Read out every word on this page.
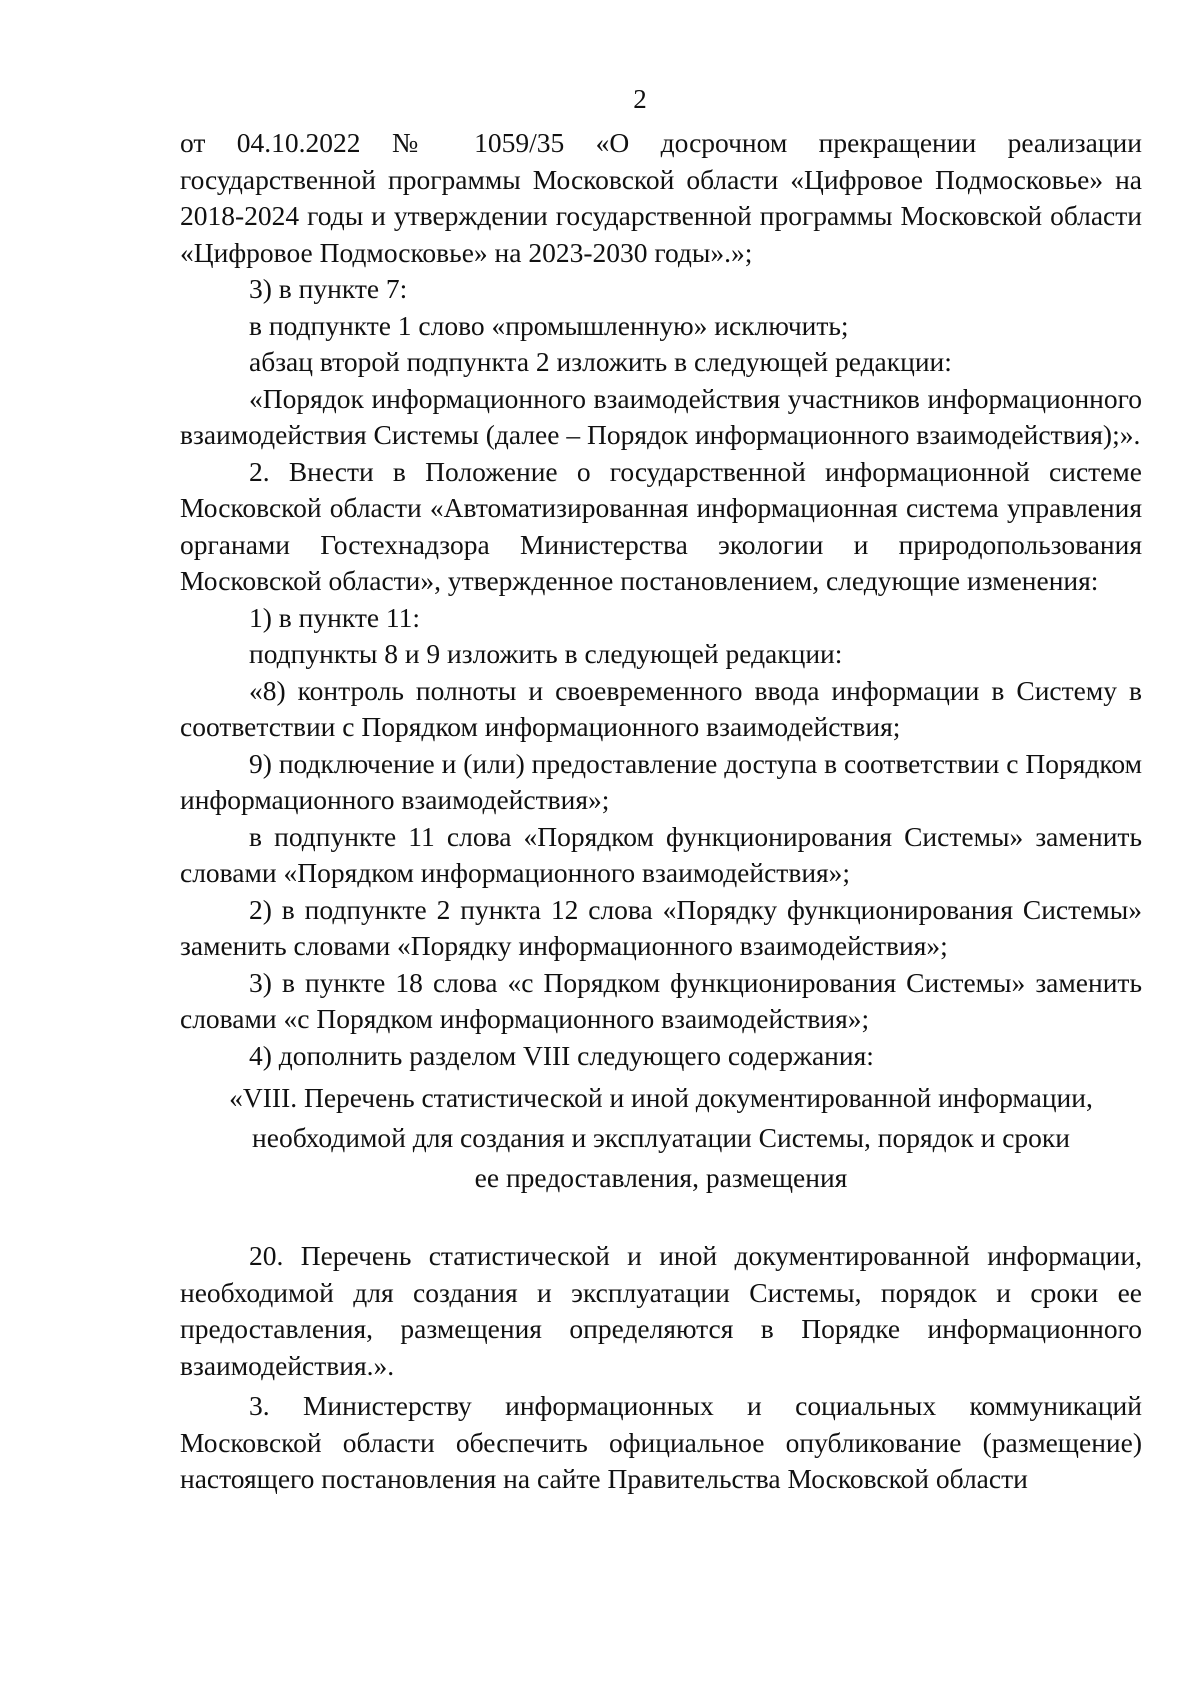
2

от 04.10.2022 № 1059/35 «О досрочном прекращении реализации государственной программы Московской области «Цифровое Подмосковье» на 2018-2024 годы и утверждении государственной программы Московской области «Цифровое Подмосковье» на 2023-2030 годы».»;

3) в пункте 7:

в подпункте 1 слово «промышленную» исключить;

абзац второй подпункта 2 изложить в следующей редакции:

«Порядок информационного взаимодействия участников информационного взаимодействия Системы (далее – Порядок информационного взаимодействия);».

2. Внести в Положение о государственной информационной системе Московской области «Автоматизированная информационная система управления органами Гостехнадзора Министерства экологии и природопользования Московской области», утвержденное постановлением, следующие изменения:

1) в пункте 11:

подпункты 8 и 9 изложить в следующей редакции:

«8) контроль полноты и своевременного ввода информации в Систему в соответствии с Порядком информационного взаимодействия;

9) подключение и (или) предоставление доступа в соответствии с Порядком информационного взаимодействия»;

в подпункте 11 слова «Порядком функционирования Системы» заменить словами «Порядком информационного взаимодействия»;

2) в подпункте 2 пункта 12 слова «Порядку функционирования Системы» заменить словами «Порядку информационного взаимодействия»;

3) в пункте 18 слова «с Порядком функционирования Системы» заменить словами «с Порядком информационного взаимодействия»;

4) дополнить разделом VIII следующего содержания:

«VIII. Перечень статистической и иной документированной информации,
необходимой для создания и эксплуатации Системы, порядок и сроки
ее предоставления, размещения

20. Перечень статистической и иной документированной информации, необходимой для создания и эксплуатации Системы, порядок и сроки ее предоставления, размещения определяются в Порядке информационного взаимодействия.».

3. Министерству информационных и социальных коммуникаций Московской области обеспечить официальное опубликование (размещение) настоящего постановления на сайте Правительства Московской области
